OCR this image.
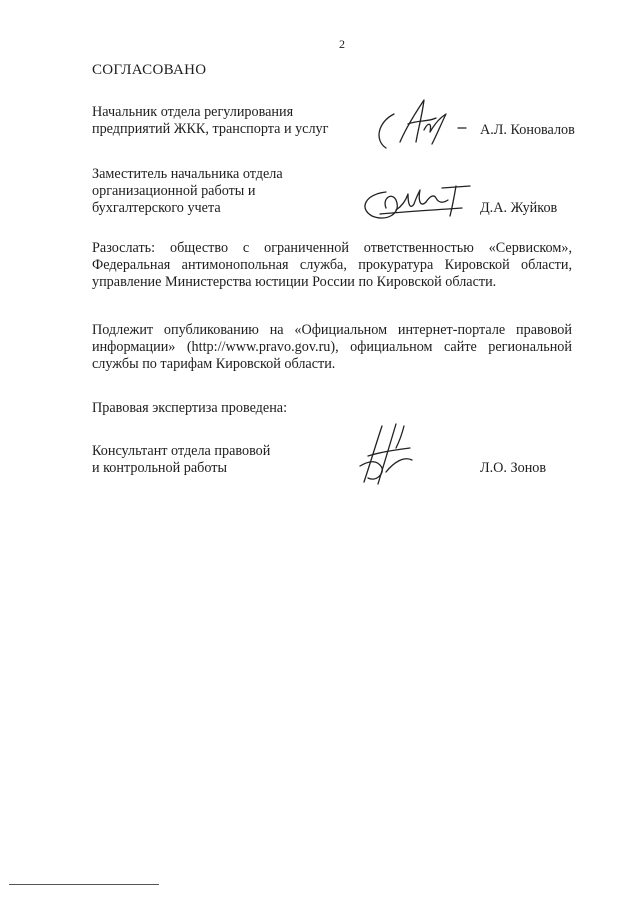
2
СОГЛАСОВАНО
Начальник отдела регулирования
предприятий ЖКК, транспорта и услуг	А.Л. Коновалов
Заместитель начальника отдела
организационной работы и
бухгалтерского учета	Д.А. Жуйков
Разослать: общество с ограниченной ответственностью «Сервиском», Федеральная антимонопольная служба, прокуратура Кировской области, управление Министерства юстиции России по Кировской области.
Подлежит опубликованию на «Официальном интернет-портале правовой информации» (http://www.pravo.gov.ru), официальном сайте региональной службы по тарифам Кировской области.
Правовая экспертиза проведена:
Консультант отдела правовой
и контрольной работы	Л.О. Зонов
